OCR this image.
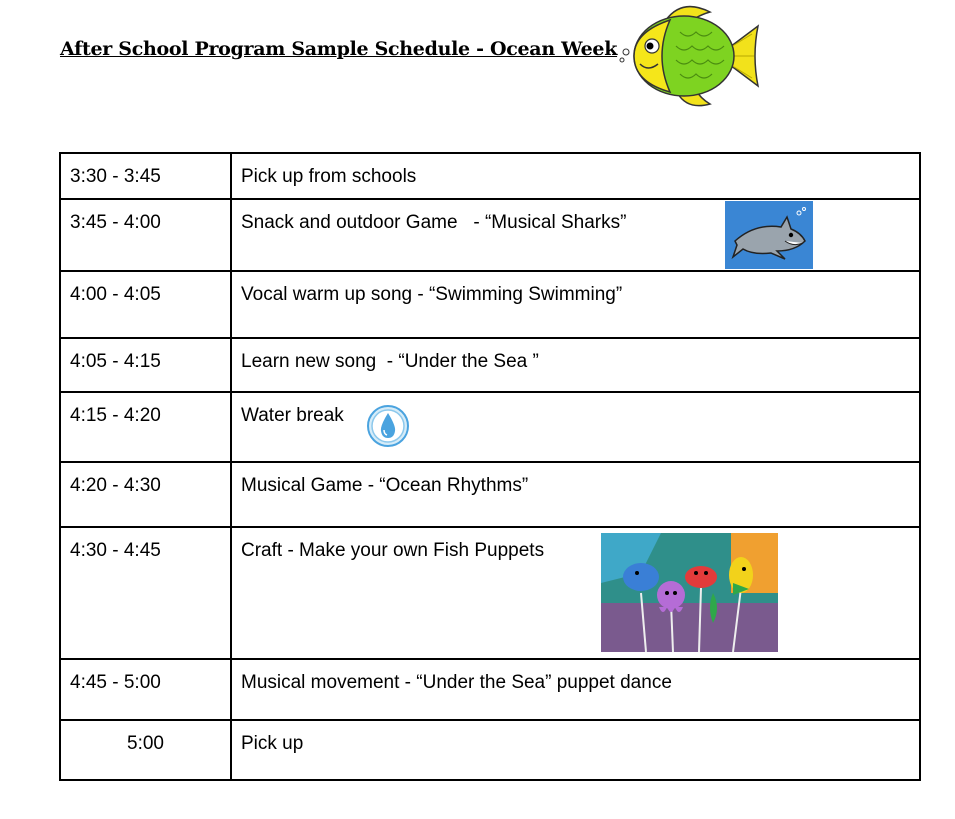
After School Program Sample Schedule - Ocean Week
3:30 - 3:45	Pick up from schools

3:45 - 4:00	Snack and outdoor Game   - “Musical Sharks”

4:00 - 4:05	Vocal warm up song - “Swimming Swimming”

4:05 - 4:15	Learn new song  - “Under the Sea ”

4:15 - 4:20	Water break

4:20 - 4:30	Musical Game - “Ocean Rhythms”

4:30 - 4:45	Craft - Make your own Fish Puppets

4:45 - 5:00	Musical movement - “Under the Sea” puppet dance

5:00	Pick up
